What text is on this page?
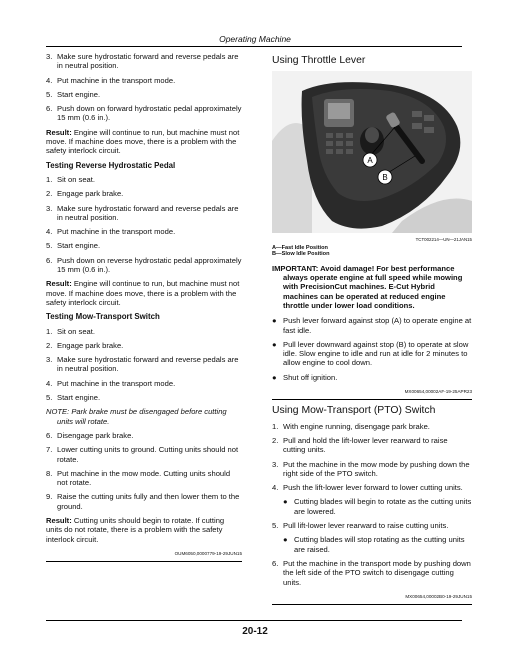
Operating Machine
3. Make sure hydrostatic forward and reverse pedals are in neutral position.
4. Put machine in the transport mode.
5. Start engine.
6. Push down on forward hydrostatic pedal approximately 15 mm (0.6 in.).
Result: Engine will continue to run, but machine must not move. If machine does move, there is a problem with the safety interlock circuit.
Testing Reverse Hydrostatic Pedal
1. Sit on seat.
2. Engage park brake.
3. Make sure hydrostatic forward and reverse pedals are in neutral position.
4. Put machine in the transport mode.
5. Start engine.
6. Push down on reverse hydrostatic pedal approximately 15 mm (0.6 in.).
Result: Engine will continue to run, but machine must not move. If machine does move, there is a problem with the safety interlock circuit.
Testing Mow-Transport Switch
1. Sit on seat.
2. Engage park brake.
3. Make sure hydrostatic forward and reverse pedals are in neutral position.
4. Put machine in the transport mode.
5. Start engine.
NOTE: Park brake must be disengaged before cutting units will rotate.
6. Disengage park brake.
7. Lower cutting units to ground. Cutting units should not rotate.
8. Put machine in the mow mode. Cutting units should not rotate.
9. Raise the cutting units fully and then lower them to the ground.
Result: Cutting units should begin to rotate. If cutting units do not rotate, there is a problem with the safety interlock circuit.
OUM6050,0000779-19-29JUN15
Using Throttle Lever
A
B
TCT002214—UN—21JAN15
A—Fast Idle Position
B—Slow Idle Position
IMPORTANT: Avoid damage! For best performance always operate engine at full speed while mowing with PrecisionCut machines. E-Cut Hybrid machines can be operated at reduced engine throttle under lower load conditions.
● Push lever forward against stop (A) to operate engine at fast idle.
● Pull lever downward against stop (B) to operate at slow idle. Slow engine to idle and run at idle for 2 minutes to allow engine to cool down.
● Shut off ignition.
MX00654,00002AF-19-25APR23
Using Mow-Transport (PTO) Switch
1. With engine running, disengage park brake.
2. Pull and hold the lift-lower lever rearward to raise cutting units.
3. Put the machine in the mow mode by pushing down the right side of the PTO switch.
4. Push the lift-lower lever forward to lower cutting units.
● Cutting blades will begin to rotate as the cutting units are lowered.
5. Pull lift-lower lever rearward to raise cutting units.
● Cutting blades will stop rotating as the cutting units are raised.
6. Put the machine in the transport mode by pushing down the left side of the PTO switch to disengage cutting units.
MX00654,00002B0-19-29JUN15
20-12
